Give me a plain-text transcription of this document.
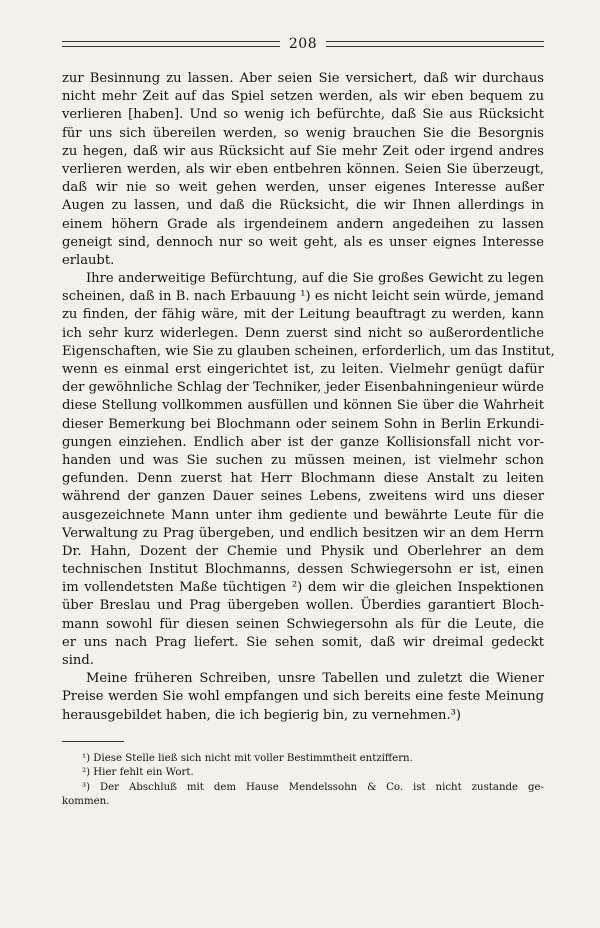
208
zur Besinnung zu lassen. Aber seien Sie versichert, daß wir durchaus
nicht mehr Zeit auf das Spiel setzen werden, als wir eben bequem zu
verlieren [haben]. Und so wenig ich befürchte, daß Sie aus Rücksicht
für uns sich übereilen werden, so wenig brauchen Sie die Besorgnis
zu hegen, daß wir aus Rücksicht auf Sie mehr Zeit oder irgend andres
verlieren werden, als wir eben entbehren können. Seien Sie überzeugt,
daß wir nie so weit gehen werden, unser eigenes Interesse außer
Augen zu lassen, und daß die Rücksicht, die wir Ihnen allerdings in
einem höhern Grade als irgendeinem andern angedeihen zu lassen
geneigt sind, dennoch nur so weit geht, als es unser eignes Interesse
erlaubt.
Ihre anderweitige Befürchtung, auf die Sie großes Gewicht zu legen
scheinen, daß in B. nach Erbauung ¹) es nicht leicht sein würde, jemand
zu finden, der fähig wäre, mit der Leitung beauftragt zu werden, kann
ich sehr kurz widerlegen. Denn zuerst sind nicht so außerordentliche
Eigenschaften, wie Sie zu glauben scheinen, erforderlich, um das Institut,
wenn es einmal erst eingerichtet ist, zu leiten. Vielmehr genügt dafür
der gewöhnliche Schlag der Techniker, jeder Eisenbahningenieur würde
diese Stellung vollkommen ausfüllen und können Sie über die Wahrheit
dieser Bemerkung bei Blochmann oder seinem Sohn in Berlin Erkundi-
gungen einziehen. Endlich aber ist der ganze Kollisionsfall nicht vor-
handen und was Sie suchen zu müssen meinen, ist vielmehr schon
gefunden. Denn zuerst hat Herr Blochmann diese Anstalt zu leiten
während der ganzen Dauer seines Lebens, zweitens wird uns dieser
ausgezeichnete Mann unter ihm gediente und bewährte Leute für die
Verwaltung zu Prag übergeben, und endlich besitzen wir an dem Herrn
Dr. Hahn, Dozent der Chemie und Physik und Oberlehrer an dem
technischen Institut Blochmanns, dessen Schwiegersohn er ist, einen
im vollendetsten Maße tüchtigen ²) dem wir die gleichen Inspektionen
über Breslau und Prag übergeben wollen. Überdies garantiert Bloch-
mann sowohl für diesen seinen Schwiegersohn als für die Leute, die
er uns nach Prag liefert. Sie sehen somit, daß wir dreimal gedeckt
sind.
Meine früheren Schreiben, unsre Tabellen und zuletzt die Wiener
Preise werden Sie wohl empfangen und sich bereits eine feste Meinung
herausgebildet haben, die ich begierig bin, zu vernehmen.³)
¹) Diese Stelle ließ sich nicht mit voller Bestimmtheit entziffern.
²) Hier fehlt ein Wort.
³) Der Abschluß mit dem Hause Mendelssohn & Co. ist nicht zustande ge-
kommen.
